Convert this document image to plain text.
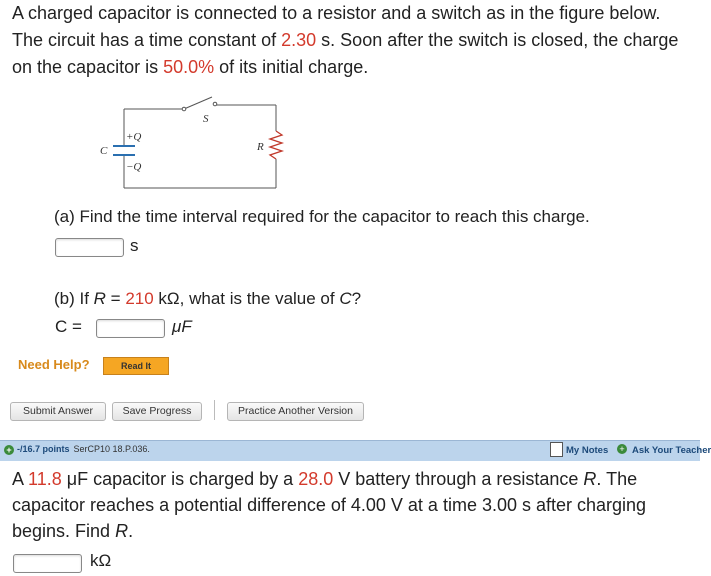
A charged capacitor is connected to a resistor and a switch as in the figure below. The circuit has a time constant of 2.30 s. Soon after the switch is closed, the charge on the capacitor is 50.0% of its initial charge.
S
+Q
−Q
C	R
(a) Find the time interval required for the capacitor to reach this charge.
s
(b) If R = 210 kΩ, what is the value of C?
C =	μF
Need Help?	Read It
Submit Answer	Save Progress	Practice Another Version
+ -/16.7 points SerCP10 18.P.036.	My Notes + Ask Your Teacher
A 11.8 μF capacitor is charged by a 28.0 V battery through a resistance R. The capacitor reaches a potential difference of 4.00 V at a time 3.00 s after charging begins. Find R.
kΩ
